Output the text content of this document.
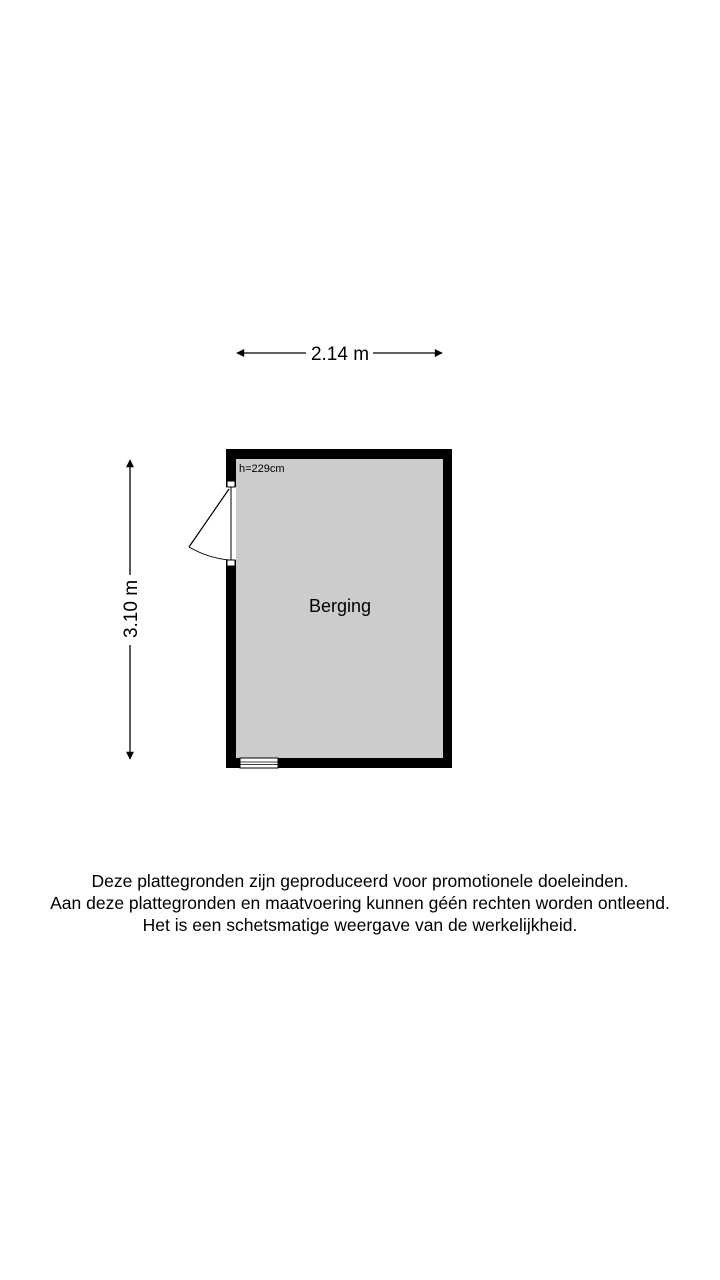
2.14 m
3.10 m
h=229cm
Berging
Deze plattegronden zijn geproduceerd voor promotionele doeleinden.
Aan deze plattegronden en maatvoering kunnen géén rechten worden ontleend.
Het is een schetsmatige weergave van de werkelijkheid.
